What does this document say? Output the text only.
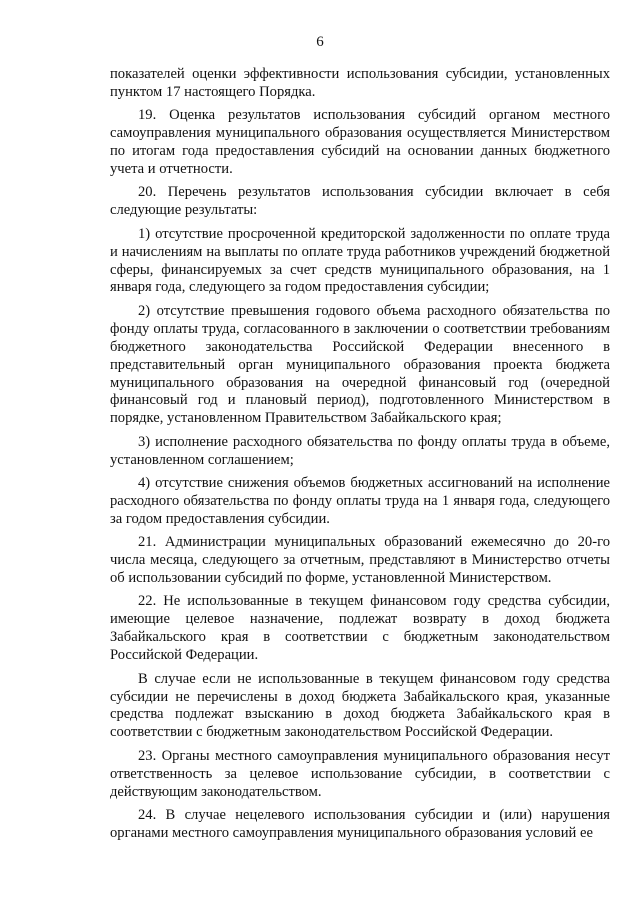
6

показателей оценки эффективности использования субсидии, установленных пунктом 17 настоящего Порядка.

19. Оценка результатов использования субсидий органом местного самоуправления муниципального образования осуществляется Министерством по итогам года предоставления субсидий на основании данных бюджетного учета и отчетности.

20. Перечень результатов использования субсидии включает в себя следующие результаты:

1) отсутствие просроченной кредиторской задолженности по оплате труда и начислениям на выплаты по оплате труда работников учреждений бюджетной сферы, финансируемых за счет средств муниципального образования, на 1 января года, следующего за годом предоставления субсидии;

2) отсутствие превышения годового объема расходного обязательства по фонду оплаты труда, согласованного в заключении о соответствии требованиям бюджетного законодательства Российской Федерации внесенного в представительный орган муниципального образования проекта бюджета муниципального образования на очередной финансовый год (очередной финансовый год и плановый период), подготовленного Министерством в порядке, установленном Правительством Забайкальского края;

3) исполнение расходного обязательства по фонду оплаты труда в объеме, установленном соглашением;

4) отсутствие снижения объемов бюджетных ассигнований на исполнение расходного обязательства по фонду оплаты труда на 1 января года, следующего за годом предоставления субсидии.

21. Администрации муниципальных образований ежемесячно до 20-го числа месяца, следующего за отчетным, представляют в Министерство отчеты об использовании субсидий по форме, установленной Министерством.

22. Не использованные в текущем финансовом году средства субсидии, имеющие целевое назначение, подлежат возврату в доход бюджета Забайкальского края в соответствии с бюджетным законодательством Российской Федерации.

В случае если не использованные в текущем финансовом году средства субсидии не перечислены в доход бюджета Забайкальского края, указанные средства подлежат взысканию в доход бюджета Забайкальского края в соответствии с бюджетным законодательством Российской Федерации.

23. Органы местного самоуправления муниципального образования несут ответственность за целевое использование субсидии, в соответствии с действующим законодательством.

24. В случае нецелевого использования субсидии и (или) нарушения органами местного самоуправления муниципального образования условий ее
